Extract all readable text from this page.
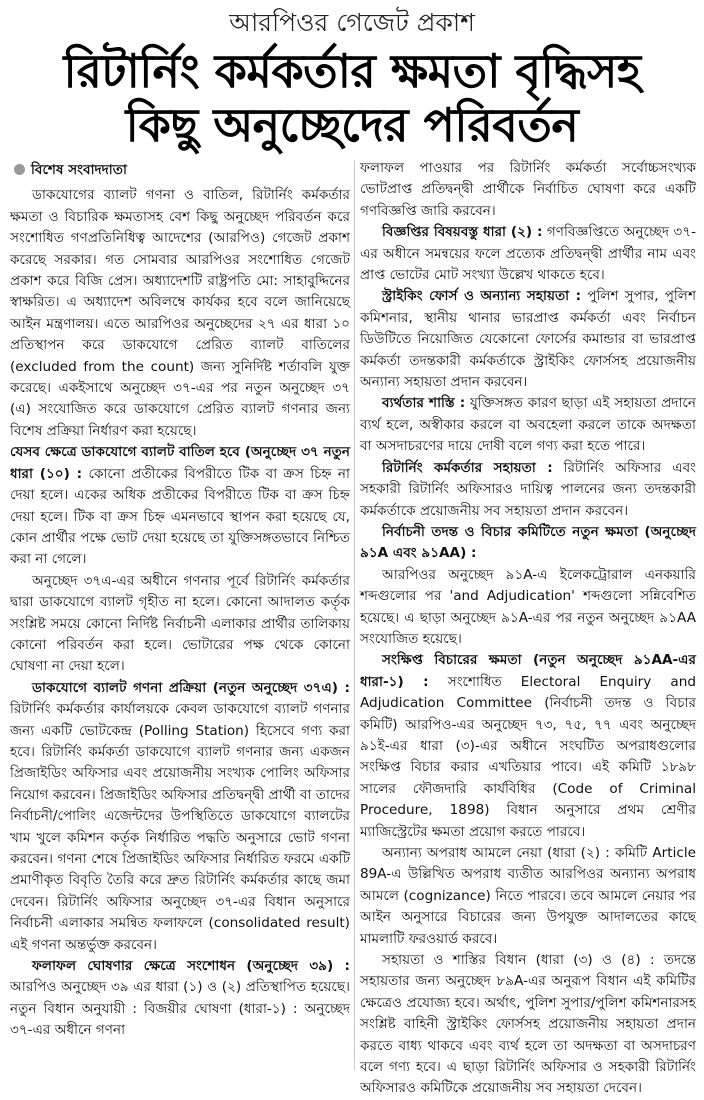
আরপিওর গেজেট প্রকাশ
রিটার্নিং কর্মকর্তার ক্ষমতা বৃদ্ধিসহ
কিছু অনুচ্ছেদের পরিবর্তন
বিশেষ সংবাদদাতা

ডাকযোগের ব্যালট গণনা ও বাতিল, রিটার্নিং কর্মকর্তার ক্ষমতা ও বিচারিক ক্ষমতাসহ বেশ কিছু অনুচ্ছেদ পরিবর্তন করে সংশোধিত গণপ্রতিনিধিত্ব আদেশের (আরপিও) গেজেট প্রকাশ করেছে সরকার। গত সোমবার আরপিওর সংশোধিত গেজেট প্রকাশ করে বিজি প্রেস। অধ্যাদেশটি রাষ্ট্রপতি মো: সাহাবুদ্দিনের স্বাক্ষরিত। এ অধ্যাদেশ অবিলম্বে কার্যকর হবে বলে জানিয়েছে আইন মন্ত্রণালয়। এতে আরপিওর অনুচ্ছেদের ২৭ এর ধারা ১০ প্রতিস্থাপন করে ডাকযোগে প্রেরিত ব্যালট বাতিলের (excluded from the count) জন্য সুনির্দিষ্ট শর্তাবলি যুক্ত করেছে। একইসাথে অনুচ্ছেদ ৩৭-এর পর নতুন অনুচ্ছেদ ৩৭ (এ) সংযোজিত করে ডাকযোগে প্রেরিত ব্যালট গণনার জন্য বিশেষ প্রক্রিয়া নির্ধারণ করা হয়েছে।

যেসব ক্ষেত্রে ডাকযোগে ব্যালট বাতিল হবে (অনুচ্ছেদ ৩৭ নতুন ধারা (১০) : কোনো প্রতীকের বিপরীতে টিক বা ক্রস চিহ্ন না দেয়া হলে। একের অধিক প্রতীকের বিপরীতে টিক বা ক্রস চিহ্ন দেয়া হলে। টিক বা ক্রস চিহ্ন এমনভাবে স্থাপন করা হয়েছে যে, কোন প্রার্থীর পক্ষে ভোট দেয়া হয়েছে তা যুক্তিসঙ্গতভাবে নিশ্চিত করা না গেলে।

অনুচ্ছেদ ৩৭এ-এর অধীনে গণনার পূর্বে রিটার্নিং কর্মকর্তার দ্বারা ডাকযোগে ব্যালট গৃহীত না হলে। কোনো আদালত কর্তৃক সংশ্লিষ্ট সময়ে কোনো নির্দিষ্ট নির্বাচনী এলাকার প্রার্থীর তালিকায় কোনো পরিবর্তন করা হলে। ভোটারের পক্ষ থেকে কোনো ঘোষণা না দেয়া হলে।

ডাকযোগে ব্যালট গণনা প্রক্রিয়া (নতুন অনুচ্ছেদ ৩৭এ) : রিটার্নিং কর্মকর্তার কার্যালয়কে কেবল ডাকযোগে ব্যালট গণনার জন্য একটি ভোটকেন্দ্র (Polling Station) হিসেবে গণ্য করা হবে। রিটার্নিং কর্মকর্তা ডাকযোগে ব্যালট গণনার জন্য একজন প্রিজাইডিং অফিসার এবং প্রয়োজনীয় সংখ্যক পোলিং অফিসার নিয়োগ করবেন। প্রিজাইডিং অফিসার প্রতিদ্বন্দ্বী প্রার্থী বা তাদের নির্বাচনী/পোলিং এজেন্টদের উপস্থিতিতে ডাকযোগে ব্যালটের খাম খুলে কমিশন কর্তৃক নির্ধারিত পদ্ধতি অনুসারে ভোট গণনা করবেন। গণনা শেষে প্রিজাইডিং অফিসার নির্ধারিত ফরমে একটি প্রমাণীকৃত বিবৃতি তৈরি করে দ্রুত রিটার্নিং কর্মকর্তার কাছে জমা দেবেন। রিটার্নিং অফিসার অনুচ্ছেদ ৩৭-এর বিধান অনুসারে নির্বাচনী এলাকার সমন্বিত ফলাফলে (consolidated result) এই গণনা অন্তর্ভুক্ত করবেন।

ফলাফল ঘোষণার ক্ষেত্রে সংশোধন (অনুচ্ছেদ ৩৯) : আরপিও অনুচ্ছেদ ৩৯ এর ধারা (১) ও (২) প্রতিস্থাপিত হয়েছে। নতুন বিধান অনুযায়ী : বিজয়ীর ঘোষণা (ধারা-১) : অনুচ্ছেদ ৩৭-এর অধীনে গণনা

ফলাফল পাওয়ার পর রিটার্নিং কর্মকর্তা সর্বোচ্চসংখ্যক ভোটপ্রাপ্ত প্রতিদ্বন্দ্বী প্রার্থীকে নির্বাচিত ঘোষণা করে একটি গণবিজ্ঞপ্তি জারি করবেন।

বিজ্ঞপ্তির বিষয়বস্তু ধারা (২) : গণবিজ্ঞপ্তিতে অনুচ্ছেদ ৩৭-এর অধীনে সমন্বয়ের ফলে প্রত্যেক প্রতিদ্বন্দ্বী প্রার্থীর নাম এবং প্রাপ্ত ভোটের মোট সংখ্যা উল্লেখ থাকতে হবে।

স্ট্রাইকিং ফোর্স ও অন্যান্য সহায়তা : পুলিশ সুপার, পুলিশ কমিশনার, স্থানীয় থানার ভারপ্রাপ্ত কর্মকর্তা এবং নির্বাচন ডিউটিতে নিয়োজিত যেকোনো ফোর্সের কমান্ডার বা ভারপ্রাপ্ত কর্মকর্তা তদন্তকারী কর্মকর্তাকে স্ট্রাইকিং ফোর্সসহ প্রয়োজনীয় অন্যান্য সহায়তা প্রদান করবেন।

ব্যর্থতার শাস্তি : যুক্তিসঙ্গত কারণ ছাড়া এই সহায়তা প্রদানে ব্যর্থ হলে, অস্বীকার করলে বা অবহেলা করলে তাকে অদক্ষতা বা অসদাচরণের দায়ে দোষী বলে গণ্য করা হতে পারে।

রিটার্নিং কর্মকর্তার সহায়তা : রিটার্নিং অফিসার এবং সহকারী রিটার্নিং অফিসারও দায়িত্ব পালনের জন্য তদন্তকারী কর্মকর্তাকে প্রয়োজনীয় সব সহায়তা প্রদান করবেন।

নির্বাচনী তদন্ত ও বিচার কমিটিতে নতুন ক্ষমতা (অনুচ্ছেদ ৯১A এবং ৯১AA) :

আরপিওর অনুচ্ছেদ ৯১A-এ ইলেকট্রোরাল এনকয়ারি শব্দগুলোর পর 'and Adjudication' শব্দগুলো সন্নিবেশিত হয়েছে। এ ছাড়া অনুচ্ছেদ ৯১A-এর পর নতুন অনুচ্ছেদ ৯১AA সংযোজিত হয়েছে।

সংক্ষিপ্ত বিচারের ক্ষমতা (নতুন অনুচ্ছেদ ৯১AA-এর ধারা-১) : সংশোধিত Electoral Enquiry and Adjudication Committee (নির্বাচনী তদন্ত ও বিচার কমিটি) আরপিও-এর অনুচ্ছেদ ৭৩, ৭৫, ৭৭ এবং অনুচ্ছেদ ৯১ই-এর ধারা (৩)-এর অধীনে সংঘটিত অপরাধগুলোর সংক্ষিপ্ত বিচার করার এখতিয়ার পাবে। এই কমিটি ১৮৯৮ সালের ফৌজদারি কার্যবিধির (Code of Criminal Procedure, 1898) বিধান অনুসারে প্রথম শ্রেণীর ম্যাজিস্ট্রেটের ক্ষমতা প্রয়োগ করতে পারবে।

অন্যান্য অপরাধ আমলে নেয়া (ধারা (২) : কমিটি Article 89A-এ উল্লিখিত অপরাধ ব্যতীত আরপিওর অন্যান্য অপরাধ আমলে (cognizance) নিতে পারবে। তবে আমলে নেয়ার পর আইন অনুসারে বিচারের জন্য উপযুক্ত আদালতের কাছে মামলাটি ফরওয়ার্ড করবে।

সহায়তা ও শাস্তির বিধান (ধারা (৩) ও (৪) : তদন্তে সহায়তার জন্য অনুচ্ছেদ ৮৯A-এর অনুরূপ বিধান এই কমিটির ক্ষেত্রেও প্রযোজ্য হবে। অর্থাৎ, পুলিশ সুপার/পুলিশ কমিশনারসহ সংশ্লিষ্ট বাহিনী স্ট্রাইকিং ফোর্সসহ প্রয়োজনীয় সহায়তা প্রদান করতে বাধ্য থাকবে এবং ব্যর্থ হলে তা অদক্ষতা বা অসদাচরণ বলে গণ্য হবে। এ ছাড়া রিটার্নিং অফিসার ও সহকারী রিটার্নিং অফিসারও কমিটিকে প্রয়োজনীয় সব সহায়তা দেবেন।
